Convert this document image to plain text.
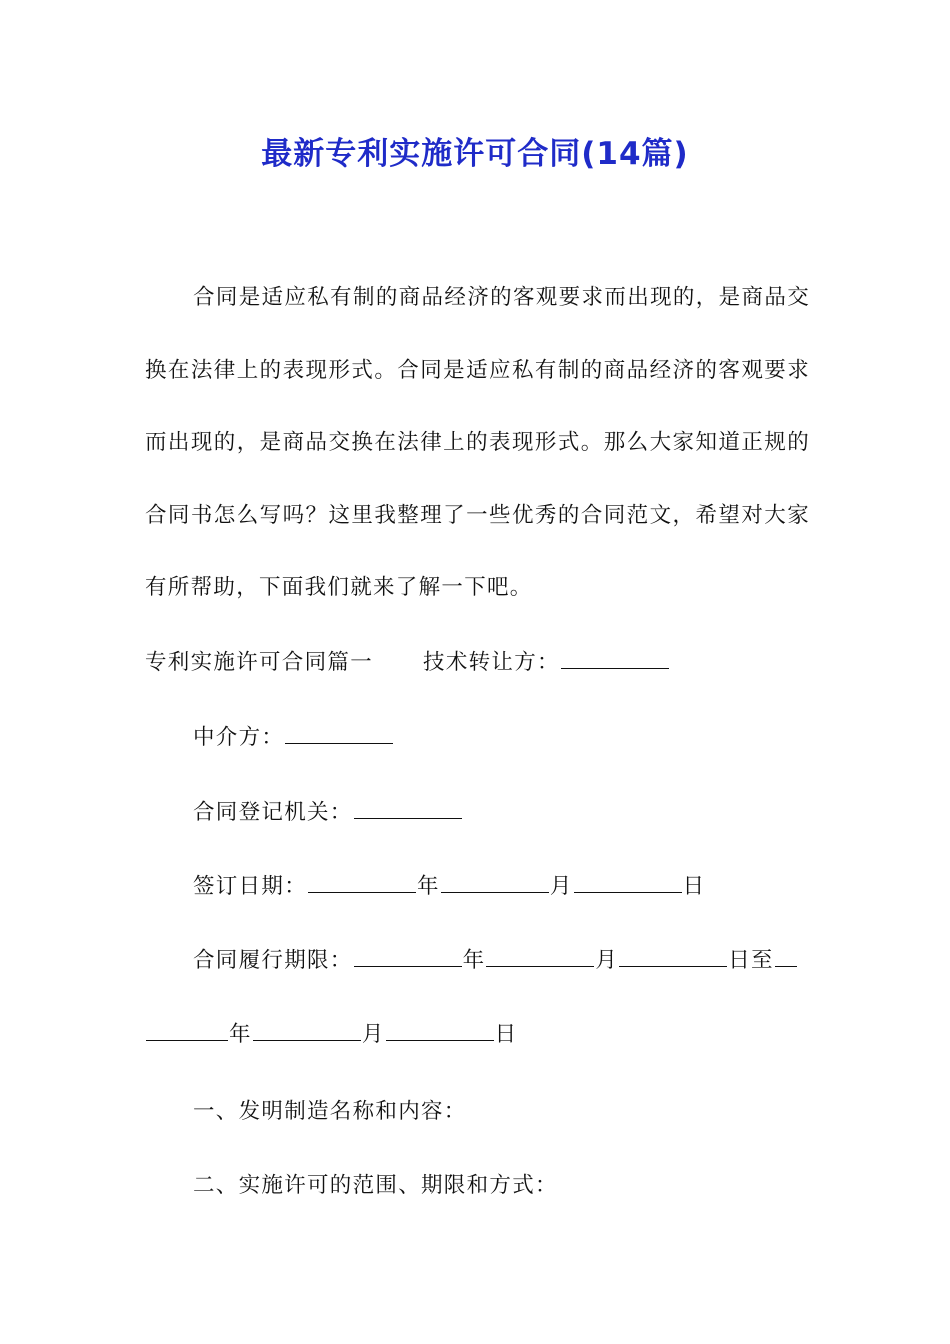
最新专利实施许可合同(14篇)

合同是适应私有制的商品经济的客观要求而出现的，是商品交换在法律上的表现形式。合同是适应私有制的商品经济的客观要求而出现的，是商品交换在法律上的表现形式。那么大家知道正规的合同书怎么写吗？这里我整理了一些优秀的合同范文，希望对大家有所帮助，下面我们就来了解一下吧。

专利实施许可合同篇一 技术转让方：
中介方：
合同登记机关：
签订日期：	年	月	日
合同履行期限：	年	月	日至
年	月	日
一、发明制造名称和内容：
二、实施许可的范围、期限和方式：
